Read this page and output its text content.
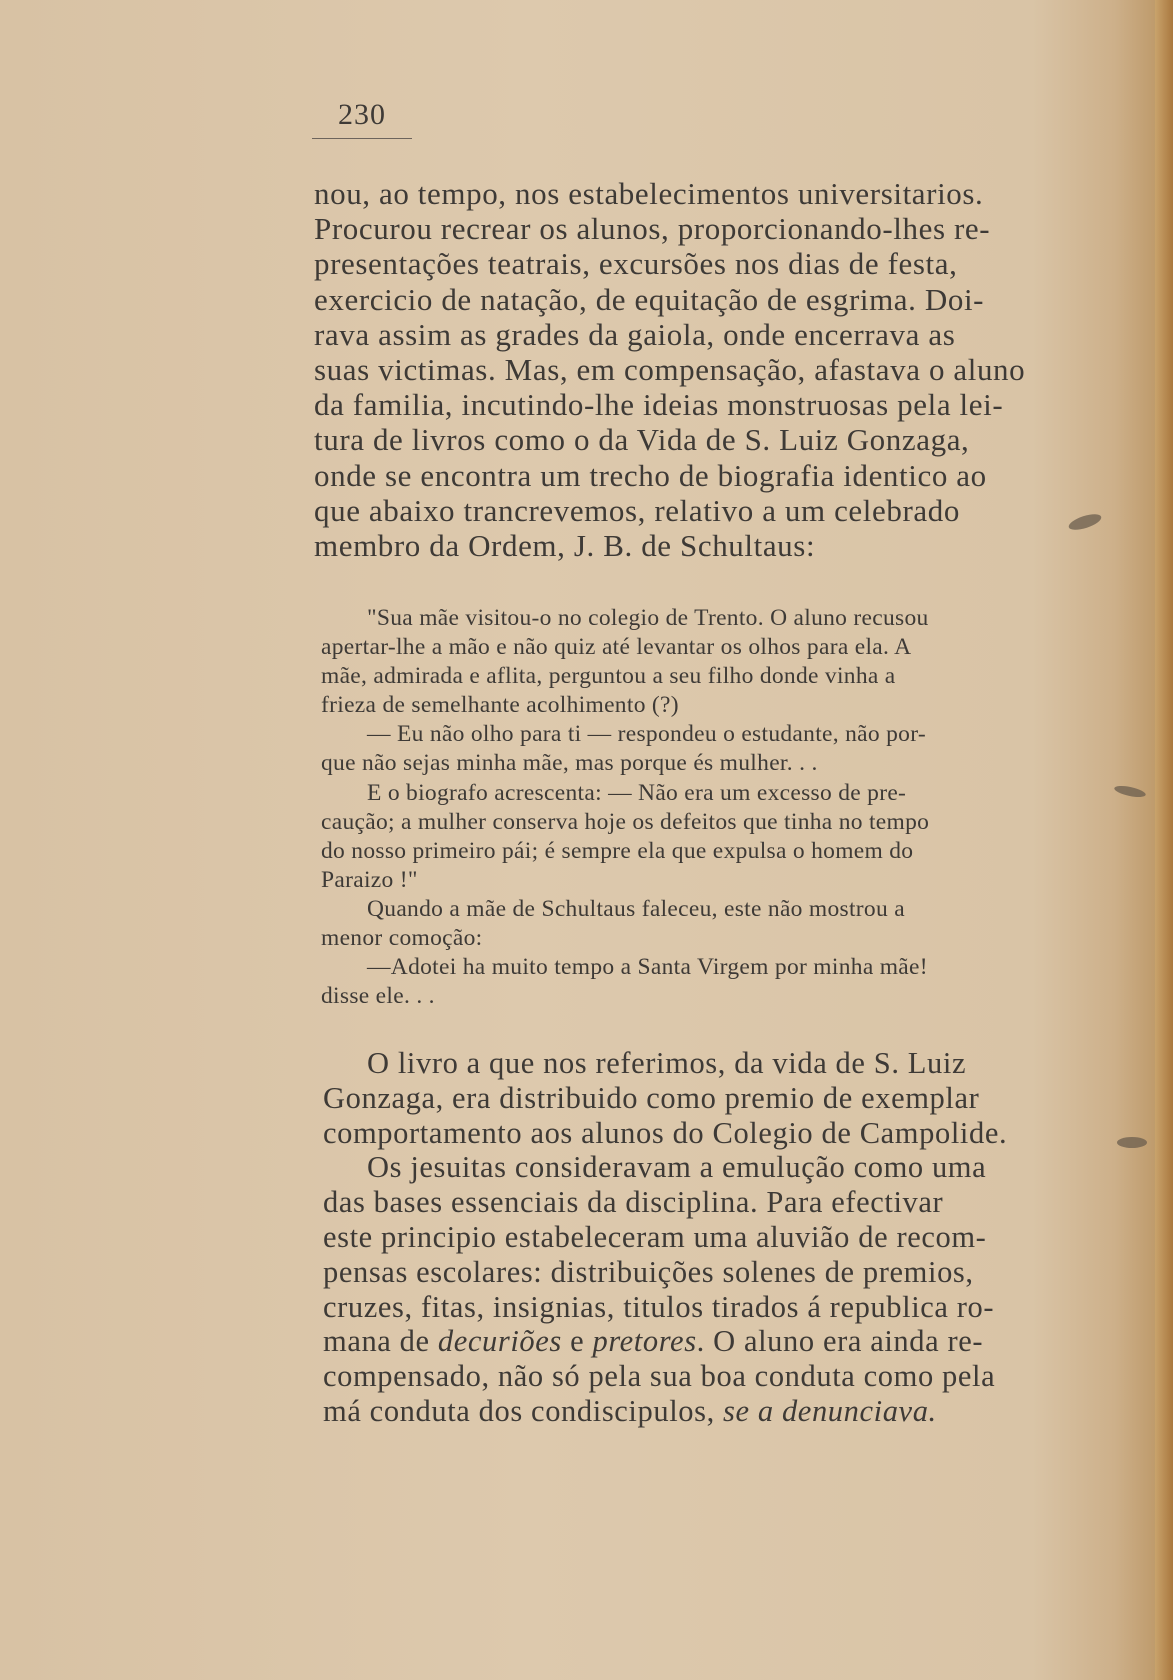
230
nou, ao tempo, nos estabelecimentos universitarios.
Procurou recrear os alunos, proporcionando-lhes re-
presentações teatrais, excursões nos dias de festa,
exercicio de natação, de equitação de esgrima. Doi-
rava assim as grades da gaiola, onde encerrava as
suas victimas. Mas, em compensação, afastava o aluno
da familia, incutindo-lhe ideias monstruosas pela lei-
tura de livros como o da Vida de S. Luiz Gonzaga,
onde se encontra um trecho de biografia identico ao
que abaixo trancrevemos, relativo a um celebrado
membro da Ordem, J. B. de Schultaus:
"Sua mãe visitou-o no colegio de Trento. O aluno recusou
apertar-lhe a mão e não quiz até levantar os olhos para ela. A
mãe, admirada e aflita, perguntou a seu filho donde vinha a
frieza de semelhante acolhimento (?)
— Eu não olho para ti — respondeu o estudante, não por-
que não sejas minha mãe, mas porque és mulher. . .
E o biografo acrescenta: — Não era um excesso de pre-
caução; a mulher conserva hoje os defeitos que tinha no tempo
do nosso primeiro pái; é sempre ela que expulsa o homem do
Paraizo !"
Quando a mãe de Schultaus faleceu, este não mostrou a
menor comoção:
—Adotei ha muito tempo a Santa Virgem por minha mãe!
disse ele. . .
O livro a que nos referimos, da vida de S. Luiz
Gonzaga, era distribuido como premio de exemplar
comportamento aos alunos do Colegio de Campolide.
Os jesuitas consideravam a emulução como uma
das bases essenciais da disciplina. Para efectivar
este principio estabeleceram uma aluvião de recom-
pensas escolares: distribuições solenes de premios,
cruzes, fitas, insignias, titulos tirados á republica ro-
mana de decuriões e pretores. O aluno era ainda re-
compensado, não só pela sua boa conduta como pela
má conduta dos condiscipulos, se a denunciava.
